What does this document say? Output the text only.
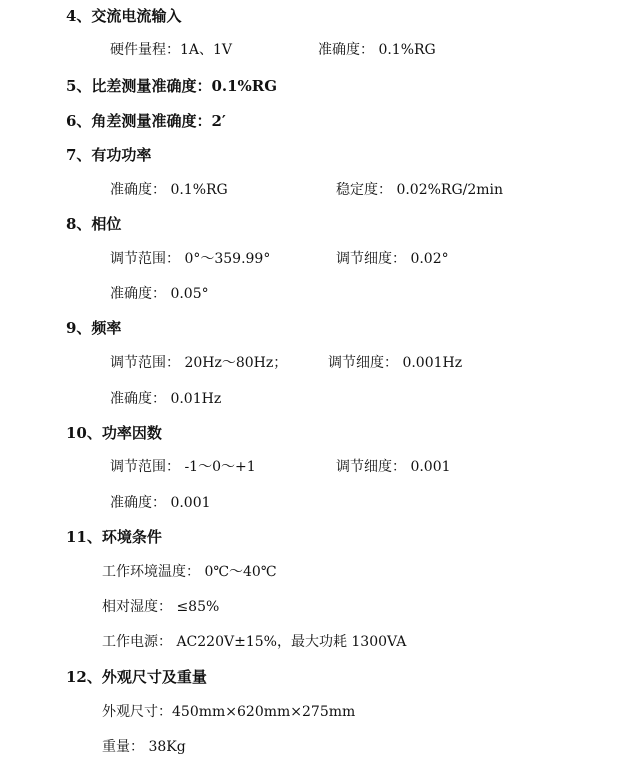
4、交流电流输入
硬件量程：1A、1V	准确度： 0.1%RG
5、比差测量准确度：0.1%RG
6、角差测量准确度：2′
7、有功功率
准确度： 0.1%RG	稳定度： 0.02%RG/2min
8、相位
调节范围： 0°～359.99°	调节细度： 0.02°
准确度： 0.05°
9、频率
调节范围： 20Hz～80Hz；	调节细度： 0.001Hz
准确度： 0.01Hz
10、功率因数
调节范围： -1～0～+1	调节细度： 0.001
准确度： 0.001
11、环境条件
工作环境温度： 0℃～40℃
相对湿度： ≤85%
工作电源： AC220V±15%，最大功耗 1300VA
12、外观尺寸及重量
外观尺寸：450mm×620mm×275mm
重量： 38Kg
